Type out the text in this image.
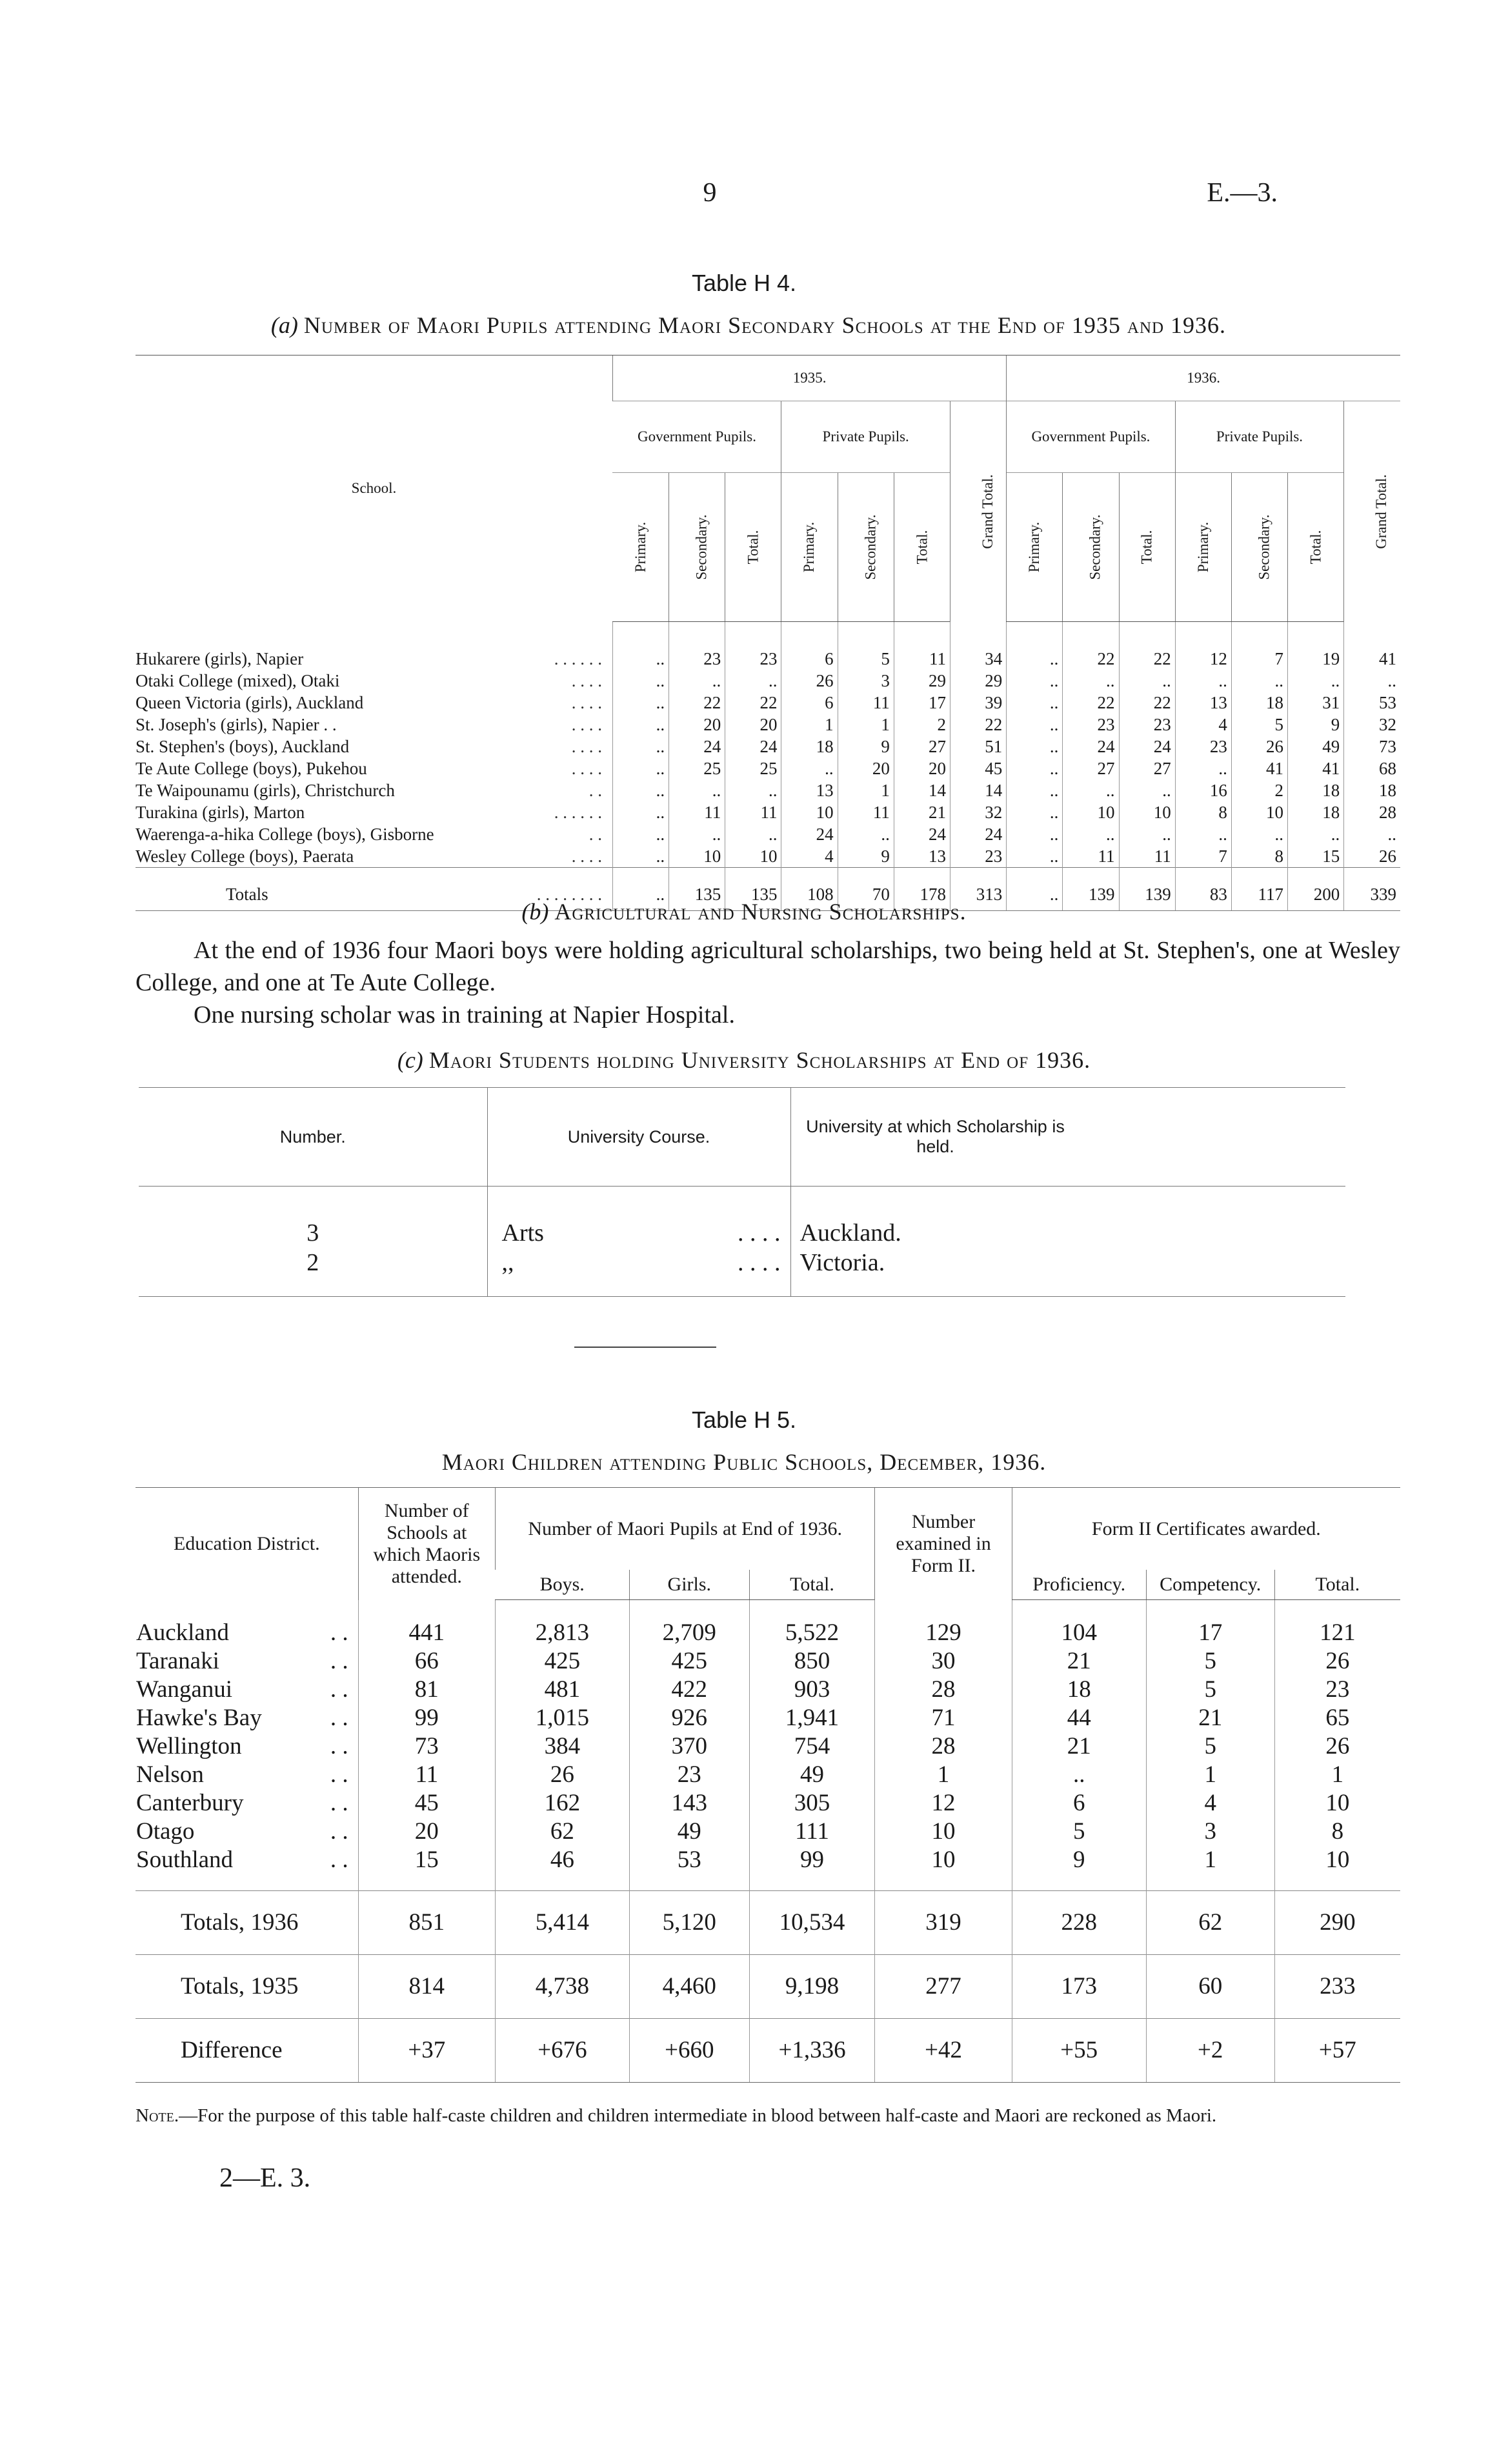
9	E.—3.
Table H 4.
(a) Number of Maori Pupils attending Maori Secondary Schools at the End of 1935 and 1936.
School.	1935.							1936.						
	Government Pupils.			Private Pupils.			Grand Total.	Government Pupils.			Private Pupils.			Grand Total.
	Primary.	Secondary.	Total.	Primary.	Secondary.	Total.		Primary.	Secondary.	Total.	Primary.	Secondary.	Total.	

Hukarere (girls), Napier . . . . . .	..	23	23	6	5	11	34	..	22	22	12	7	19	41

Otaki College (mixed), Otaki . . . .	..	..	..	26	3	29	29	..	..	..	..	..	..	..

Queen Victoria (girls), Auckland . . . .	..	22	22	6	11	17	39	..	22	22	13	18	31	53

St. Joseph's (girls), Napier . . . . . .	..	20	20	1	1	2	22	..	23	23	4	5	9	32

St. Stephen's (boys), Auckland . . . .	..	24	24	18	9	27	51	..	24	24	23	26	49	73

Te Aute College (boys), Pukehou . . . .	..	25	25	..	20	20	45	..	27	27	..	41	41	68

Te Waipounamu (girls), Christchurch . .	..	..	..	13	1	14	14	..	..	..	16	2	18	18

Turakina (girls), Marton . . . . . .	..	11	11	10	11	21	32	..	10	10	8	10	18	28

Waerenga-a-hika College (boys), Gisborne . .	..	..	..	24	..	24	24	..	..	..	..	..	..	..

Wesley College (boys), Paerata . . . .	..	10	10	4	9	13	23	..	11	11	7	8	15	26

Totals . . . . . . . .	..	135	135	108	70	178	313	..	139	139	83	117	200	339
(b) Agricultural and Nursing Scholarships.
At the end of 1936 four Maori boys were holding agricultural scholarships, two being held at St. Stephen's, one at Wesley College, and one at Te Aute College.
One nursing scholar was in training at Napier Hospital.
(c) Maori Students holding University Scholarships at End of 1936.
Number.	University Course.	University at which Scholarship is held.

3	Arts . . . .	Auckland.
2	,, . . . .	Victoria.
Table H 5.
Maori Children attending Public Schools, December, 1936.
Education District.	Number of Schools at which Maoris attended.	Number of Maori Pupils at End of 1936.			Number examined in Form II.	Form II Certificates awarded.		
		Boys.	Girls.	Total.		Proficiency.	Competency.	Total.

Auckland . .	441	2,813	2,709	5,522	129	104	17	121

Taranaki . .	66	425	425	850	30	21	5	26

Wanganui . .	81	481	422	903	28	18	5	23

Hawke's Bay . .	99	1,015	926	1,941	71	44	21	65

Wellington . .	73	384	370	754	28	21	5	26

Nelson . .	11	26	23	49	1	..	1	1

Canterbury . .	45	162	143	305	12	6	4	10

Otago . .	20	62	49	111	10	5	3	8

Southland . .	15	46	53	99	10	9	1	10
Totals, 1936	851	5,414	5,120	10,534	319	228	62	290
Totals, 1935	814	4,738	4,460	9,198	277	173	60	233
Difference	+37	+676	+660	+1,336	+42	+55	+2	+57
Note.—For the purpose of this table half-caste children and children intermediate in blood between half-caste and Maori are reckoned as Maori.
2—E. 3.
